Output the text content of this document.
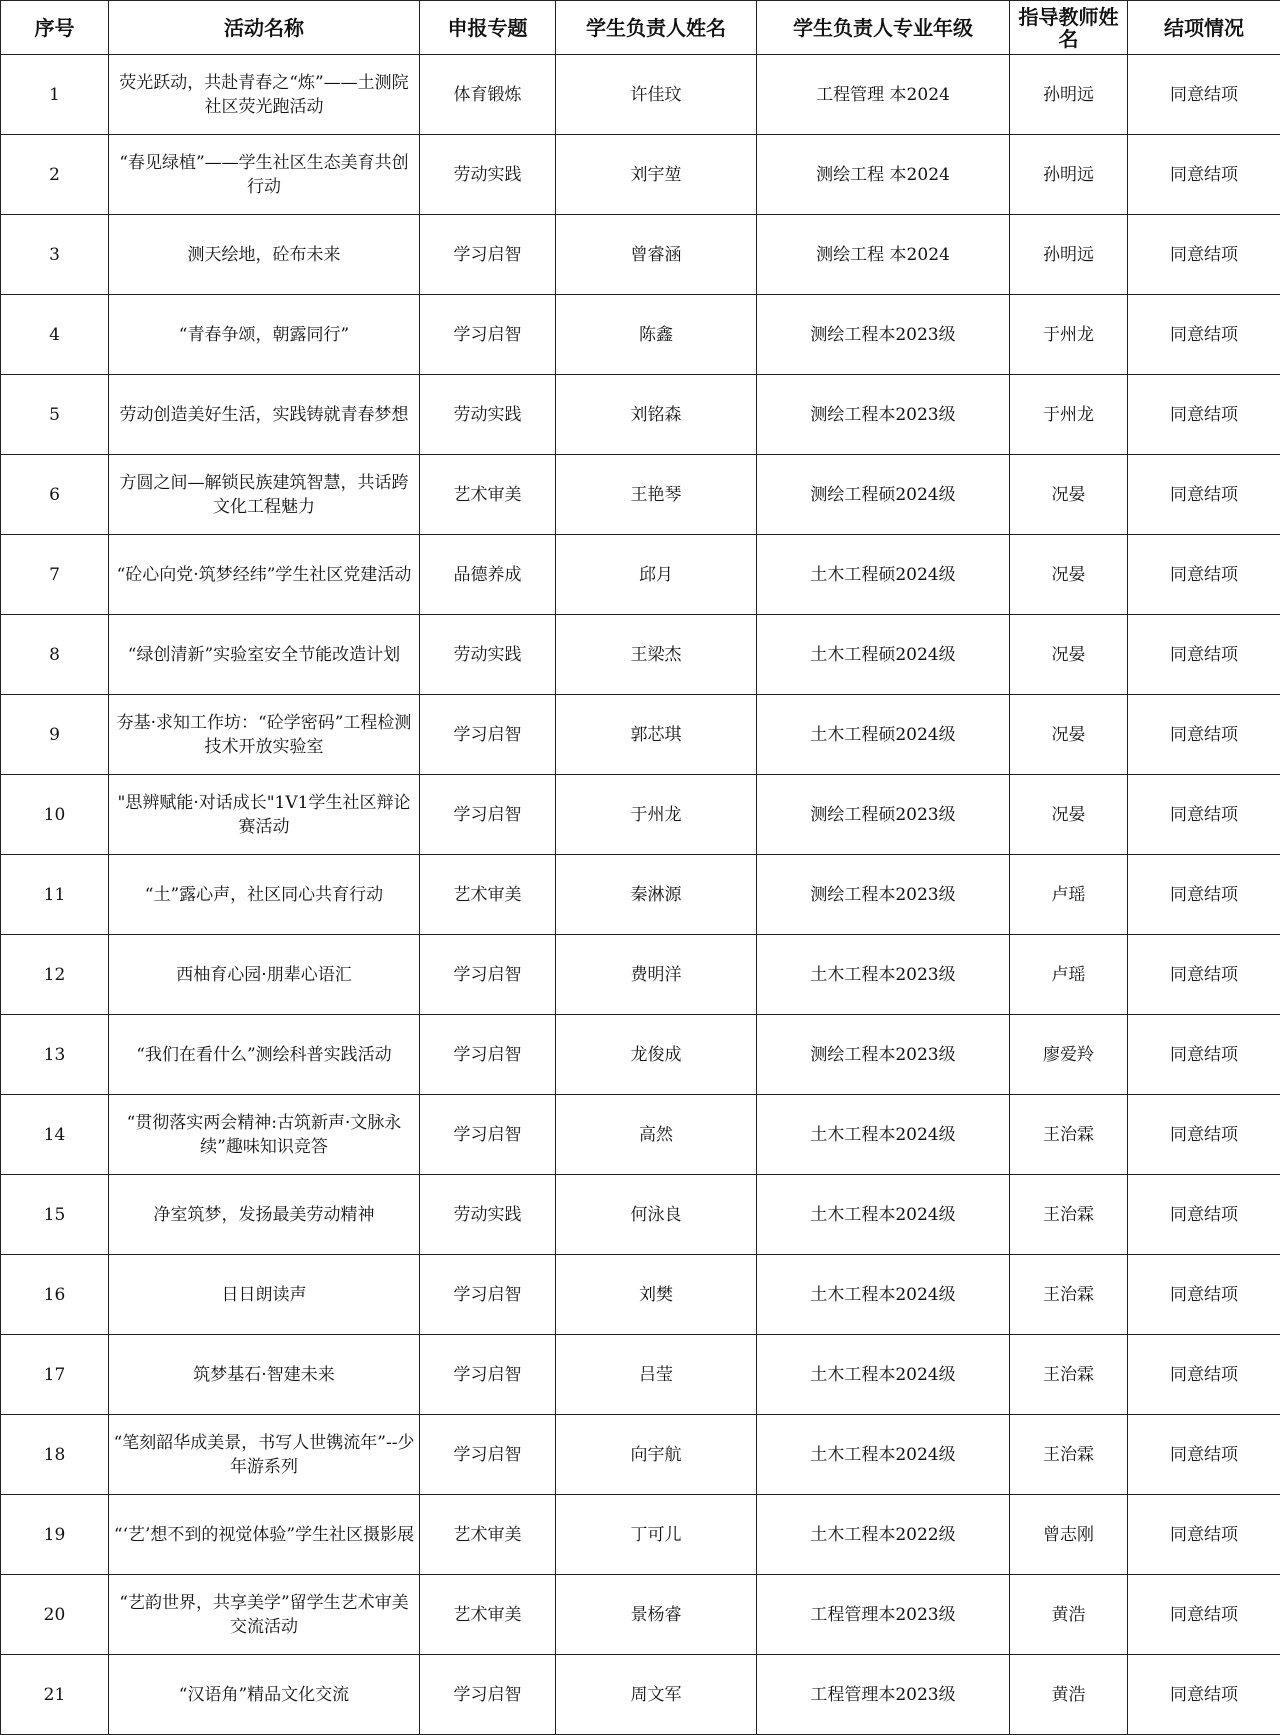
序号	活动名称	申报专题	学生负责人姓名	学生负责人专业年级	指导教师姓名	结项情况
1	荧光跃动，共赴青春之“炼”——土测院社区荧光跑活动	体育锻炼	许佳玟	工程管理 本2024	孙明远	同意结项
2	“春见绿植”——学生社区生态美育共创行动	劳动实践	刘宇堃	测绘工程 本2024	孙明远	同意结项
3	测天绘地，砼布未来	学习启智	曾睿涵	测绘工程 本2024	孙明远	同意结项
4	“青春争颂，朝露同行”	学习启智	陈鑫	测绘工程本2023级	于州龙	同意结项
5	劳动创造美好生活，实践铸就青春梦想	劳动实践	刘铭森	测绘工程本2023级	于州龙	同意结项
6	方圆之间—解锁民族建筑智慧，共话跨文化工程魅力	艺术审美	王艳琴	测绘工程硕2024级	况晏	同意结项
7	“砼心向党·筑梦经纬”学生社区党建活动	品德养成	邱月	土木工程硕2024级	况晏	同意结项
8	“绿创清新”实验室安全节能改造计划	劳动实践	王梁杰	土木工程硕2024级	况晏	同意结项
9	夯基·求知工作坊：“砼学密码”工程检测技术开放实验室	学习启智	郭芯琪	土木工程硕2024级	况晏	同意结项
10	"思辨赋能·对话成长"1V1学生社区辩论赛活动	学习启智	于州龙	测绘工程硕2023级	况晏	同意结项
11	“土”露心声，社区同心共育行动	艺术审美	秦淋源	测绘工程本2023级	卢瑶	同意结项
12	西柚育心园·朋辈心语汇	学习启智	费明洋	土木工程本2023级	卢瑶	同意结项
13	“我们在看什么”测绘科普实践活动	学习启智	龙俊成	测绘工程本2023级	廖爱羚	同意结项
14	“贯彻落实两会精神:古筑新声·文脉永续”趣味知识竞答	学习启智	高然	土木工程本2024级	王治霖	同意结项
15	净室筑梦，发扬最美劳动精神	劳动实践	何泳良	土木工程本2024级	王治霖	同意结项
16	日日朗读声	学习启智	刘樊	土木工程本2024级	王治霖	同意结项
17	筑梦基石·智建未来	学习启智	吕莹	土木工程本2024级	王治霖	同意结项
18	“笔刻韶华成美景，书写人世镌流年”--少年游系列	学习启智	向宇航	土木工程本2024级	王治霖	同意结项
19	“‘艺’想不到的视觉体验”学生社区摄影展	艺术审美	丁可儿	土木工程本2022级	曾志刚	同意结项
20	“艺韵世界，共享美学”留学生艺术审美交流活动	艺术审美	景杨睿	工程管理本2023级	黄浩	同意结项
21	“汉语角”精品文化交流	学习启智	周文军	工程管理本2023级	黄浩	同意结项
